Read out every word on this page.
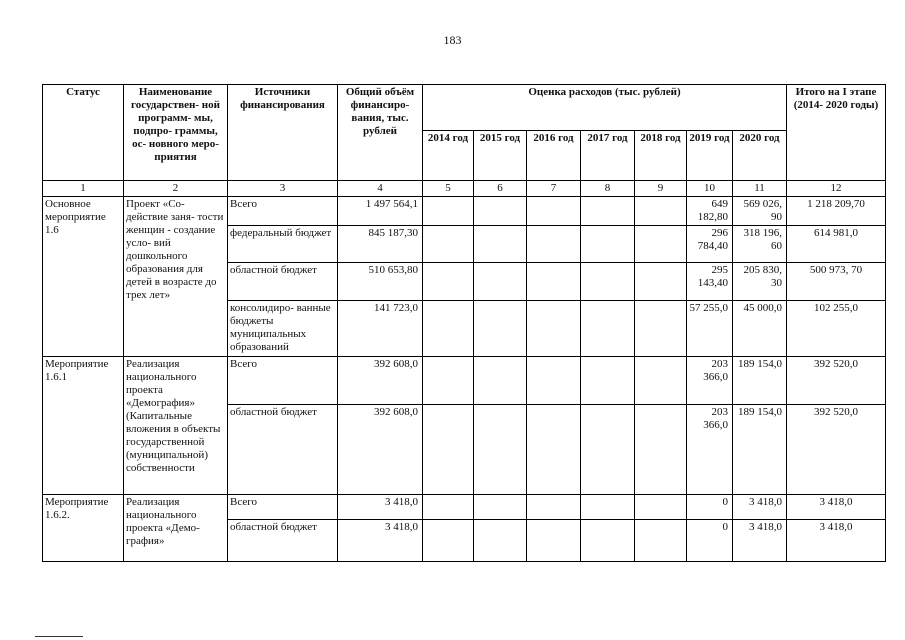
183
Статус	Наименование государствен- ной программ- мы, подпро- граммы, ос- новного меро- приятия	Источники финансирования	Общий объём финансиро- вания, тыс. рублей	Оценка расходов (тыс. рублей)							Итого на I этапе (2014- 2020 годы)
				2014 год	2015 год	2016 год	2017 год	2018 год	2019 год	2020 год	
1	2	3	4	5	6	7	8	9	10	11	12
Основное мероприятие 1.6	Проект «Со- действие заня- тости женщин - создание усло- вий дошкольного образования для детей в возрасте до трех лет»	Всего	1 497 564,1						649 182,80	569 026, 90	1 218 209,70
		федеральный бюджет	845 187,30						296 784,40	318 196, 60	614 981,0
		областной бюджет	510 653,80						295 143,40	205 830, 30	500 973, 70
		консолидиро- ванные бюджеты муниципальных образований	141 723,0						57 255,0	45 000,0	102 255,0
Мероприятие 1.6.1	Реализация национального проекта «Демография» (Капитальные вложения в объекты государственной (муниципальной) собственности	Всего	392 608,0						203 366,0	189 154,0	392 520,0
		областной бюджет	392 608,0						203 366,0	189 154,0	392 520,0
Мероприятие 1.6.2.	Реализация национального проекта «Демо- графия»	Всего	3 418,0						0	3 418,0	3 418,0
		областной бюджет	3 418,0						0	3 418,0	3 418,0
